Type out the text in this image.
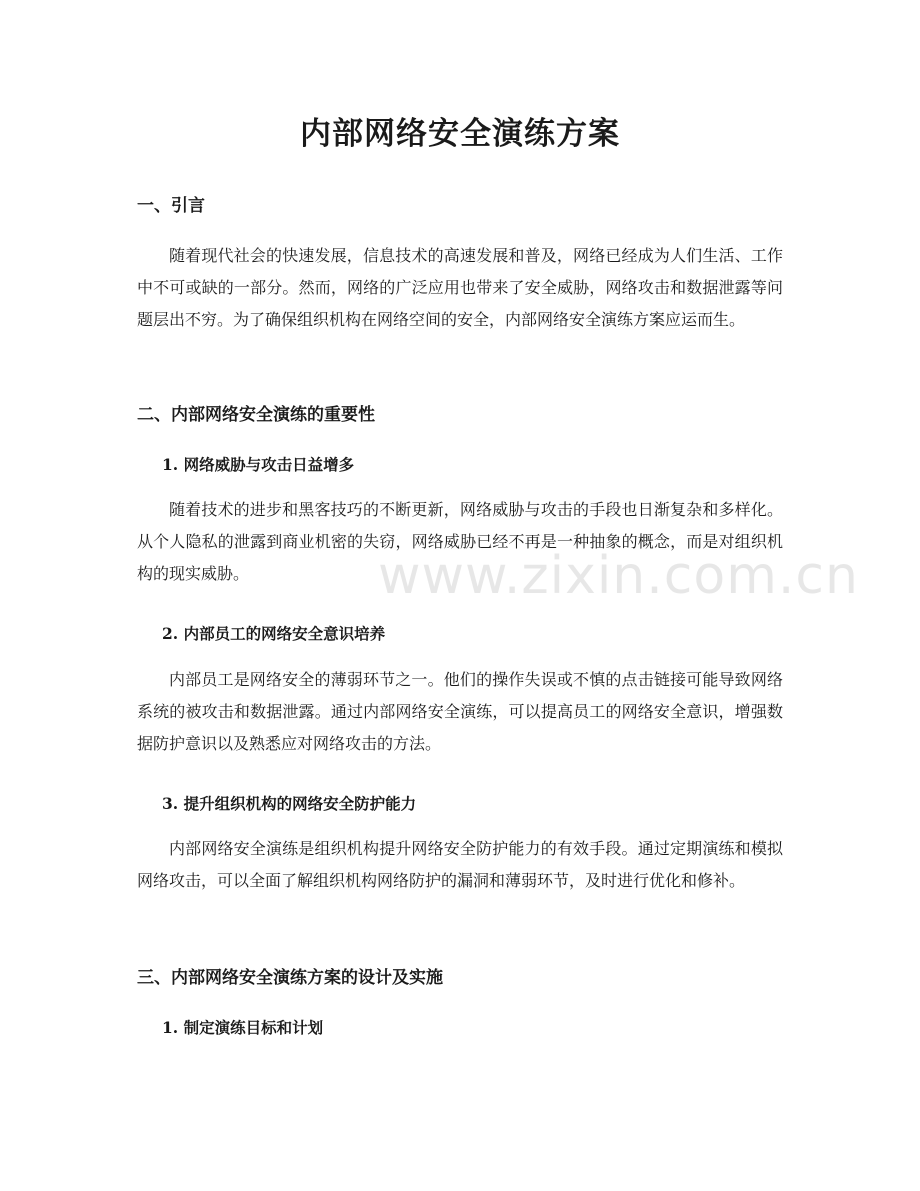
内部网络安全演练方案
一、引言

随着现代社会的快速发展，信息技术的高速发展和普及，网络已经成为人们生活、工作中不可或缺的一部分。然而，网络的广泛应用也带来了安全威胁，网络攻击和数据泄露等问题层出不穷。为了确保组织机构在网络空间的安全，内部网络安全演练方案应运而生。

二、内部网络安全演练的重要性
1. 网络威胁与攻击日益增多

随着技术的进步和黑客技巧的不断更新，网络威胁与攻击的手段也日渐复杂和多样化。从个人隐私的泄露到商业机密的失窃，网络威胁已经不再是一种抽象的概念，而是对组织机构的现实威胁。

2. 内部员工的网络安全意识培养

内部员工是网络安全的薄弱环节之一。他们的操作失误或不慎的点击链接可能导致网络系统的被攻击和数据泄露。通过内部网络安全演练，可以提高员工的网络安全意识，增强数据防护意识以及熟悉应对网络攻击的方法。

3. 提升组织机构的网络安全防护能力

内部网络安全演练是组织机构提升网络安全防护能力的有效手段。通过定期演练和模拟网络攻击，可以全面了解组织机构网络防护的漏洞和薄弱环节，及时进行优化和修补。

三、内部网络安全演练方案的设计及实施
1. 制定演练目标和计划
www.zixin.com.cn
